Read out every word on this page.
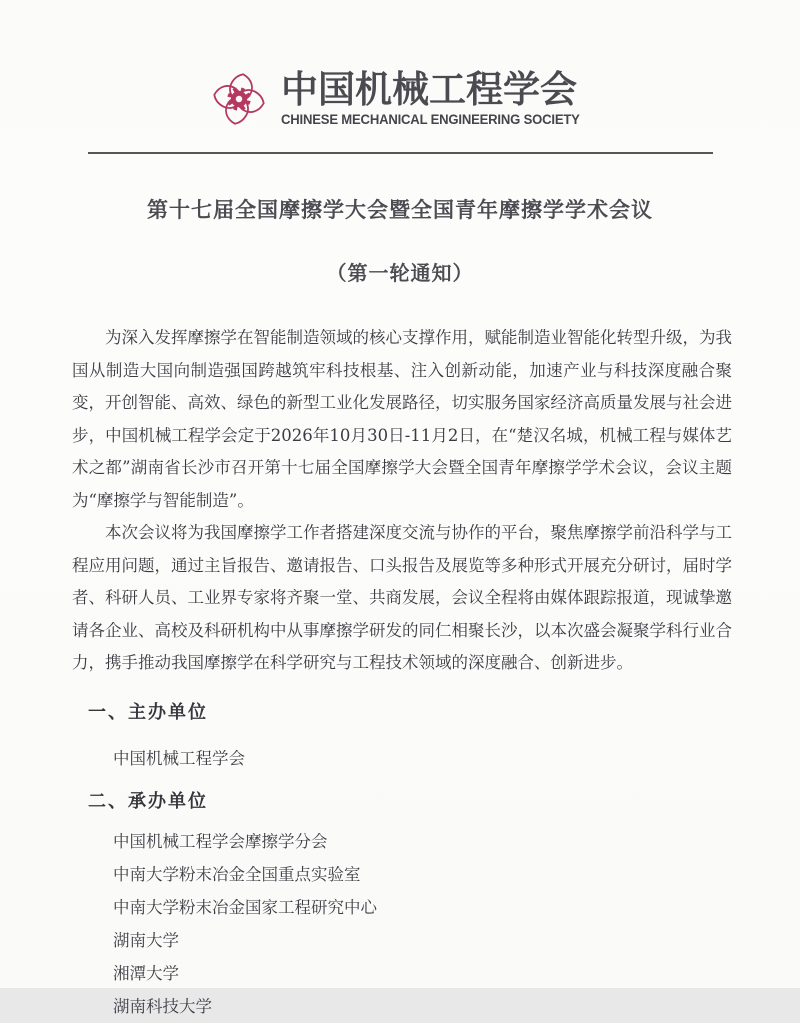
中国机械工程学会
CHINESE MECHANICAL ENGINEERING SOCIETY
第十七届全国摩擦学大会暨全国青年摩擦学学术会议
（第一轮通知）

为深入发挥摩擦学在智能制造领域的核心支撑作用，赋能制造业智能化转型升级，为我国从制造大国向制造强国跨越筑牢科技根基、注入创新动能，加速产业与科技深度融合聚变，开创智能、高效、绿色的新型工业化发展路径，切实服务国家经济高质量发展与社会进步，中国机械工程学会定于2026年10月30日-11月2日，在“楚汉名城，机械工程与媒体艺术之都”湖南省长沙市召开第十七届全国摩擦学大会暨全国青年摩擦学学术会议，会议主题为“摩擦学与智能制造”。

本次会议将为我国摩擦学工作者搭建深度交流与协作的平台，聚焦摩擦学前沿科学与工程应用问题，通过主旨报告、邀请报告、口头报告及展览等多种形式开展充分研讨，届时学者、科研人员、工业界专家将齐聚一堂、共商发展，会议全程将由媒体跟踪报道，现诚挚邀请各企业、高校及科研机构中从事摩擦学研发的同仁相聚长沙，以本次盛会凝聚学科行业合力，携手推动我国摩擦学在科学研究与工程技术领域的深度融合、创新进步。

一、主办单位

中国机械工程学会

二、承办单位
中国机械工程学会摩擦学分会
中南大学粉末冶金全国重点实验室
中南大学粉末冶金国家工程研究中心
湖南大学
湘潭大学
湖南科技大学
